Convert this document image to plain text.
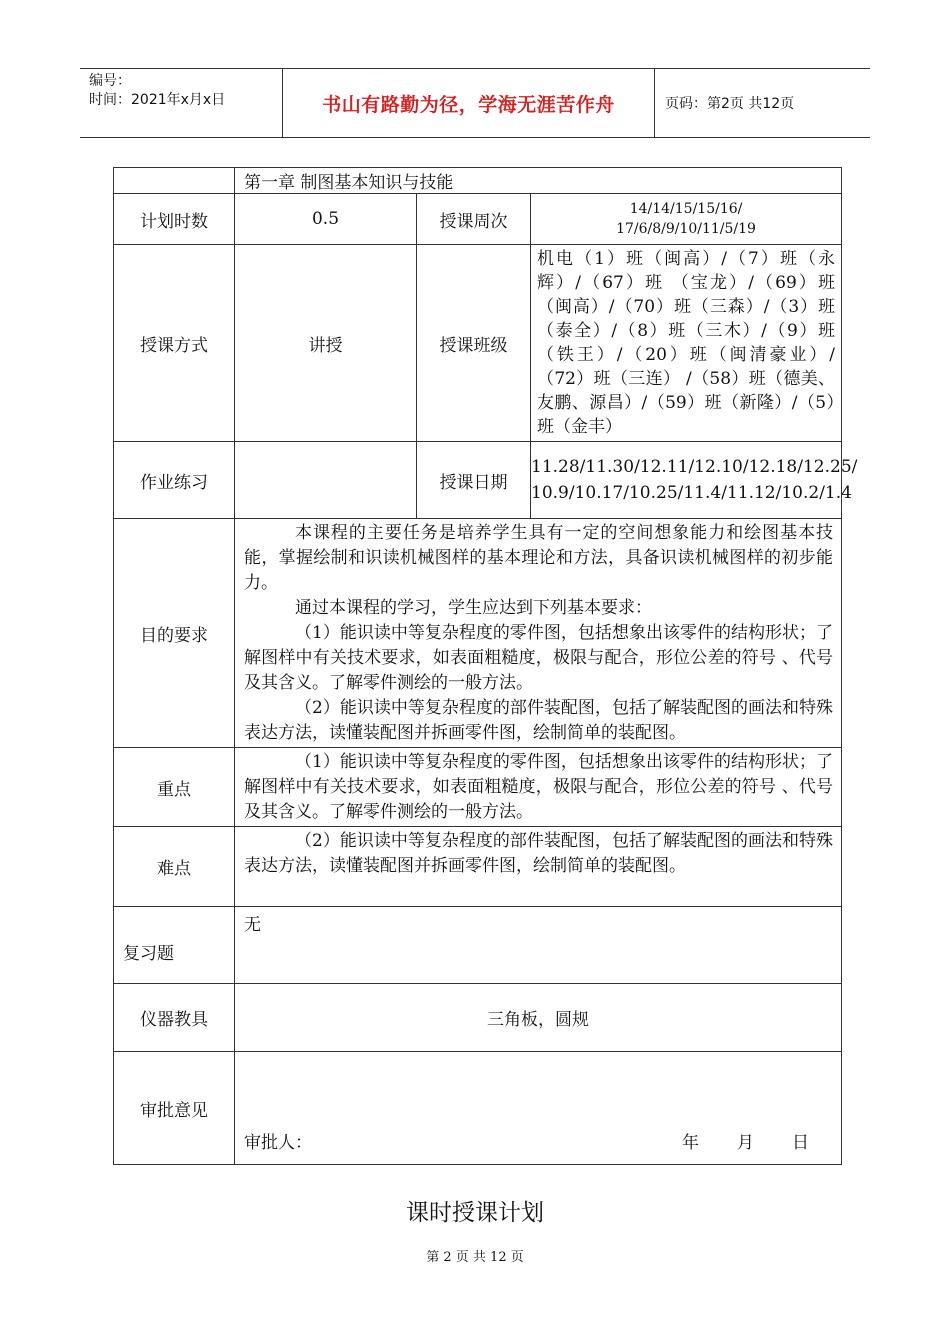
编号：
时间：2021年x月x日	书山有路勤为径，学海无涯苦作舟	页码：第2页 共12页
	第一章 制图基本知识与技能		
计划时数	0.5	授课周次	14/14/15/15/16/
17/6/8/9/10/11/5/19
授课方式	讲授	授课班级	机电（1）班（闽高）/（7）班（永辉）/（67）班 （宝龙）/（69）班（闽高）/（70）班（三森）/（3）班（泰全）/（8）班（三木）/（9）班（铁王）/（20）班（闽清豪业）/（72）班（三连） /（58）班（德美、友鹏、源昌）/（59）班（新隆）/（5）班（金丰）
作业练习		授课日期	11.28/11.30/12.11/12.10/12.18/12.25/
10.9/10.17/10.25/11.4/11.12/10.2/1.4
目的要求	本课程的主要任务是培养学生具有一定的空间想象能力和绘图基本技能，掌握绘制和识读机械图样的基本理论和方法，具备识读机械图样的初步能力。

通过本课程的学习，学生应达到下列基本要求：

（1）能识读中等复杂程度的零件图，包括想象出该零件的结构形状；了解图样中有关技术要求，如表面粗糙度，极限与配合，形位公差的符号 、代号及其含义。了解零件测绘的一般方法。

（2）能识读中等复杂程度的部件装配图，包括了解装配图的画法和特殊表达方法，读懂装配图并拆画零件图，绘制简单的装配图。		

重点	（1）能识读中等复杂程度的零件图，包括想象出该零件的结构形状；了解图样中有关技术要求，如表面粗糙度，极限与配合，形位公差的符号 、代号及其含义。了解零件测绘的一般方法。		

难点	（2）能识读中等复杂程度的部件装配图，包括了解装配图的画法和特殊表达方法，读懂装配图并拆画零件图，绘制简单的装配图。		

复习题	无		
仪器教具	三角板，圆规		
审批意见	审批人： 年 月 日		
课时授课计划
第 2 页 共 12 页
